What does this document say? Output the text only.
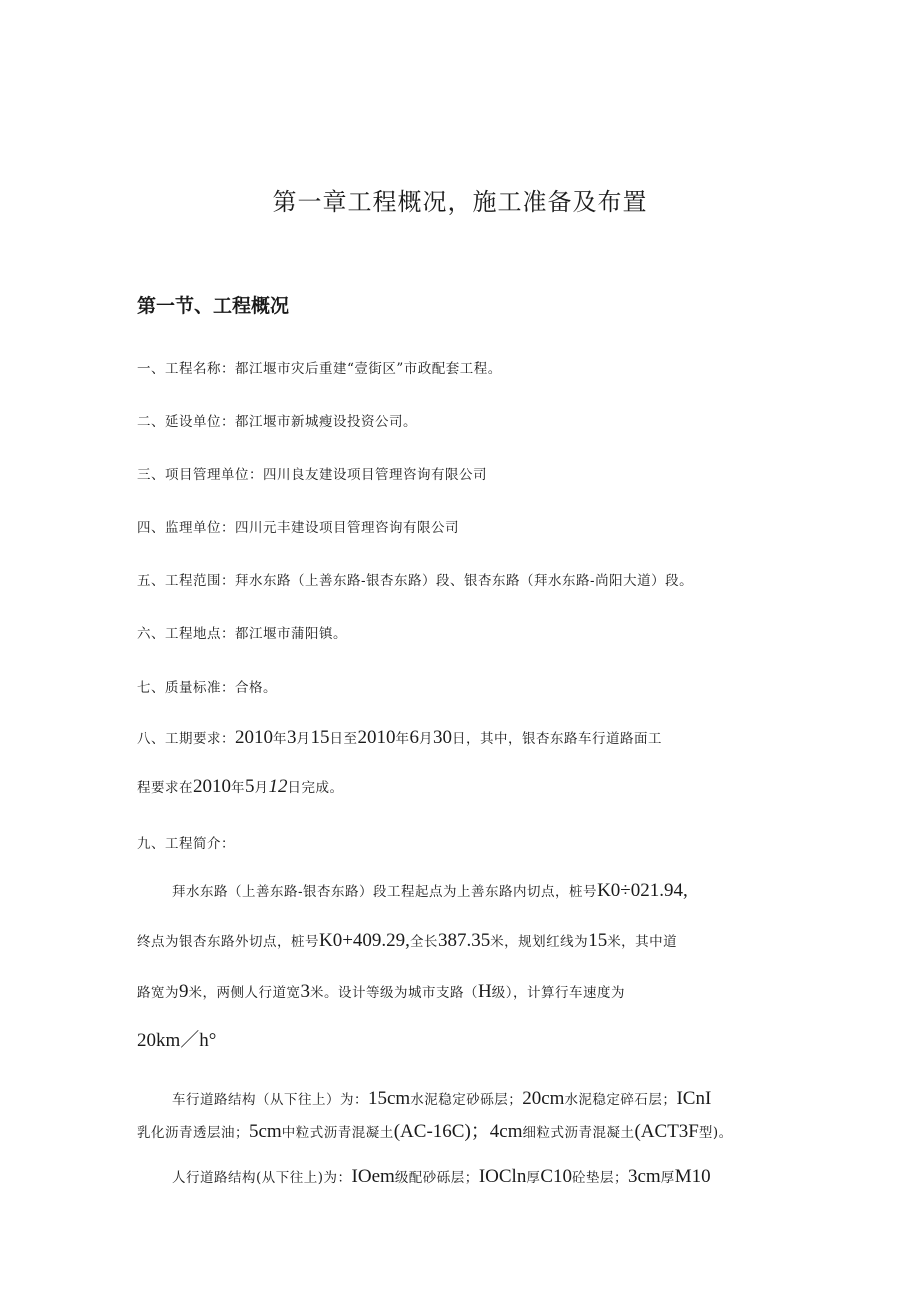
第一章工程概况，施工准备及布置
第一节、工程概况
一、工程名称：都江堰市灾后重建“壹街区”市政配套工程。
二、延设单位：都江堰市新城瘦设投资公司。
三、项目管理单位：四川良友建设项目管理咨询有限公司
四、监理单位：四川元丰建设项目管理咨询有限公司
五、工程范围：拜水东路（上善东路-银杏东路）段、银杏东路（拜水东路-尚阳大道）段。
六、工程地点：都江堰市蒲阳镇。
七、质量标准：合格。
八、工期要求：2010年3月15日至2010年6月30日，其中，银杏东路车行道路面工
程要求在2010年5月12日完成。
九、工程简介：
拜水东路（上善东路-银杏东路）段工程起点为上善东路内切点，桩号K0÷021.94,
终点为银杏东路外切点，桩号K0+409.29,全长387.35米，规划红线为15米，其中道
路宽为9米，两侧人行道宽3米。设计等级为城市支路（H级），计算行车速度为
20km／h°
车行道路结构（从下往上）为：15cm水泥稳定砂砾层；20cm水泥稳定碎石层；ICnI
乳化沥青透层油；5cm中粒式沥青混凝土(AC-16C)；4cm细粒式沥青混凝土(ACT3F型)。
人行道路结构(从下往上)为：IOem级配砂砾层；IOCln厚C10砼垫层；3cm厚M10
